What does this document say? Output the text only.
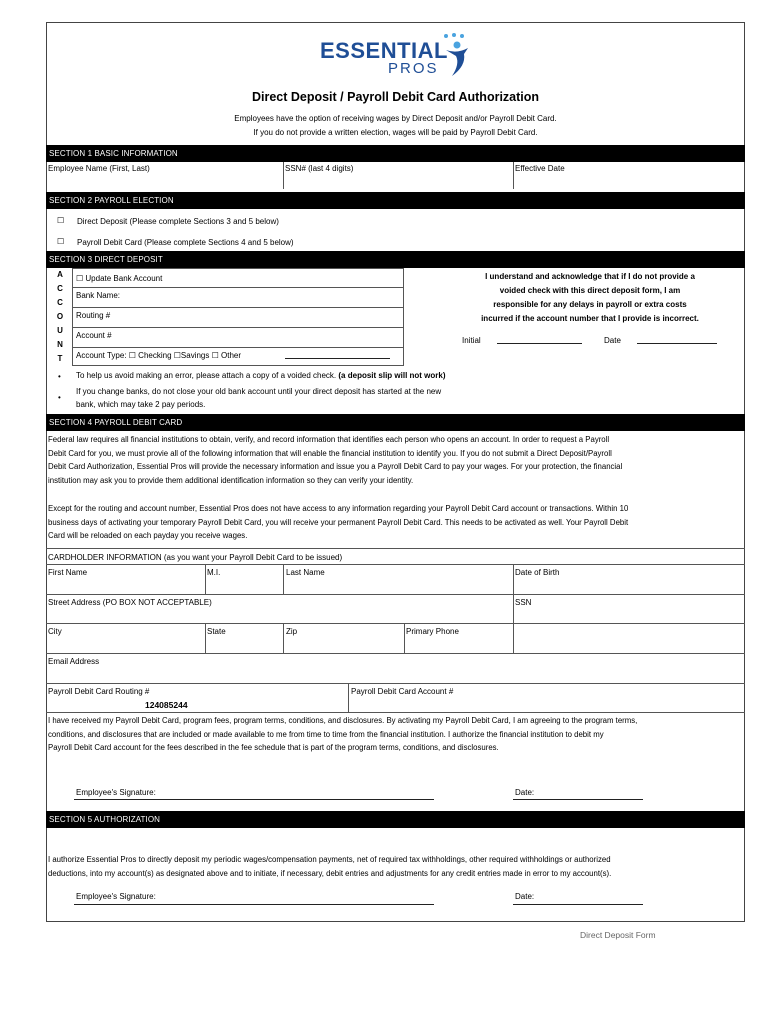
ESSENTIAL
PROS
Direct Deposit / Payroll Debit Card Authorization
Employees have the option of receiving wages by Direct Deposit and/or Payroll Debit Card.
If you do not provide a written election, wages will be paid by Payroll Debit Card.
SECTION 1 BASIC INFORMATION
Employee Name (First, Last)	SSN# (last 4 digits)	Effective Date
SECTION 2 PAYROLL ELECTION
☐ Direct Deposit (Please complete Sections 3 and 5 below)
☐ Payroll Debit Card (Please complete Sections 4 and 5 below)
SECTION 3 DIRECT DEPOSIT
A
C
C
O
U
N
T
☐ Update Bank Account
Bank Name:
Routing #
Account #
Account Type: ☐ Checking ☐Savings ☐ Other
I understand and acknowledge that if I do not provide a
voided check with this direct deposit form, I am
responsible for any delays in payroll or extra costs
incurred if the account number that I provide is incorrect.
Initial	Date
• To help us avoid making an error, please attach a copy of a voided check. (a deposit slip will not work)
•
If you change banks, do not close your old bank account until your direct deposit has started at the new
bank, which may take 2 pay periods.
SECTION 4 PAYROLL DEBIT CARD
Federal law requires all financial institutions to obtain, verify, and record information that identifies each person who opens an account. In order to request a Payroll
Debit Card for you, we must provie all of the following information that will enable the financial institution to identify you. If you do not submit a Direct Deposit/Payroll
Debit Card Authorization, Essential Pros will provide the necessary information and issue you a Payroll Debit Card to pay your wages. For your protection, the financial
institution may ask you to provide them additional identification information so they can verify your identity.
Except for the routing and account number, Essential Pros does not have access to any information regarding your Payroll Debit Card account or transactions. Within 10
business days of activating your temporary Payroll Debit Card, you will receive your permanent Payroll Debit Card. This needs to be activated as well. Your Payroll Debit
Card will be reloaded on each payday you receive wages.
CARDHOLDER INFORMATION (as you want your Payroll Debit Card to be issued)
First Name	M.I.	Last Name	Date of Birth
Street Address (PO BOX NOT ACCEPTABLE)	SSN
City	State	Zip	Primary Phone
Email Address
Payroll Debit Card Routing #
124085244
Payroll Debit Card Account #
I have received my Payroll Debit Card, program fees, program terms, conditions, and disclosures. By activating my Payroll Debit Card, I am agreeing to the program terms,
conditions, and disclosures that are included or made available to me from time to time from the financial institution. I authorize the financial institution to debit my
Payroll Debit Card account for the fees described in the fee schedule that is part of the program terms, conditions, and disclosures.
Employee's Signature:	Date:
SECTION 5 AUTHORIZATION
I authorize Essential Pros to directly deposit my periodic wages/compensation payments, net of required tax withholdings, other required withholdings or authorized
deductions, into my account(s) as designated above and to initiate, if necessary, debit entries and adjustments for any credit entries made in error to my account(s).
Employee's Signature:	Date:
Direct Deposit Form
